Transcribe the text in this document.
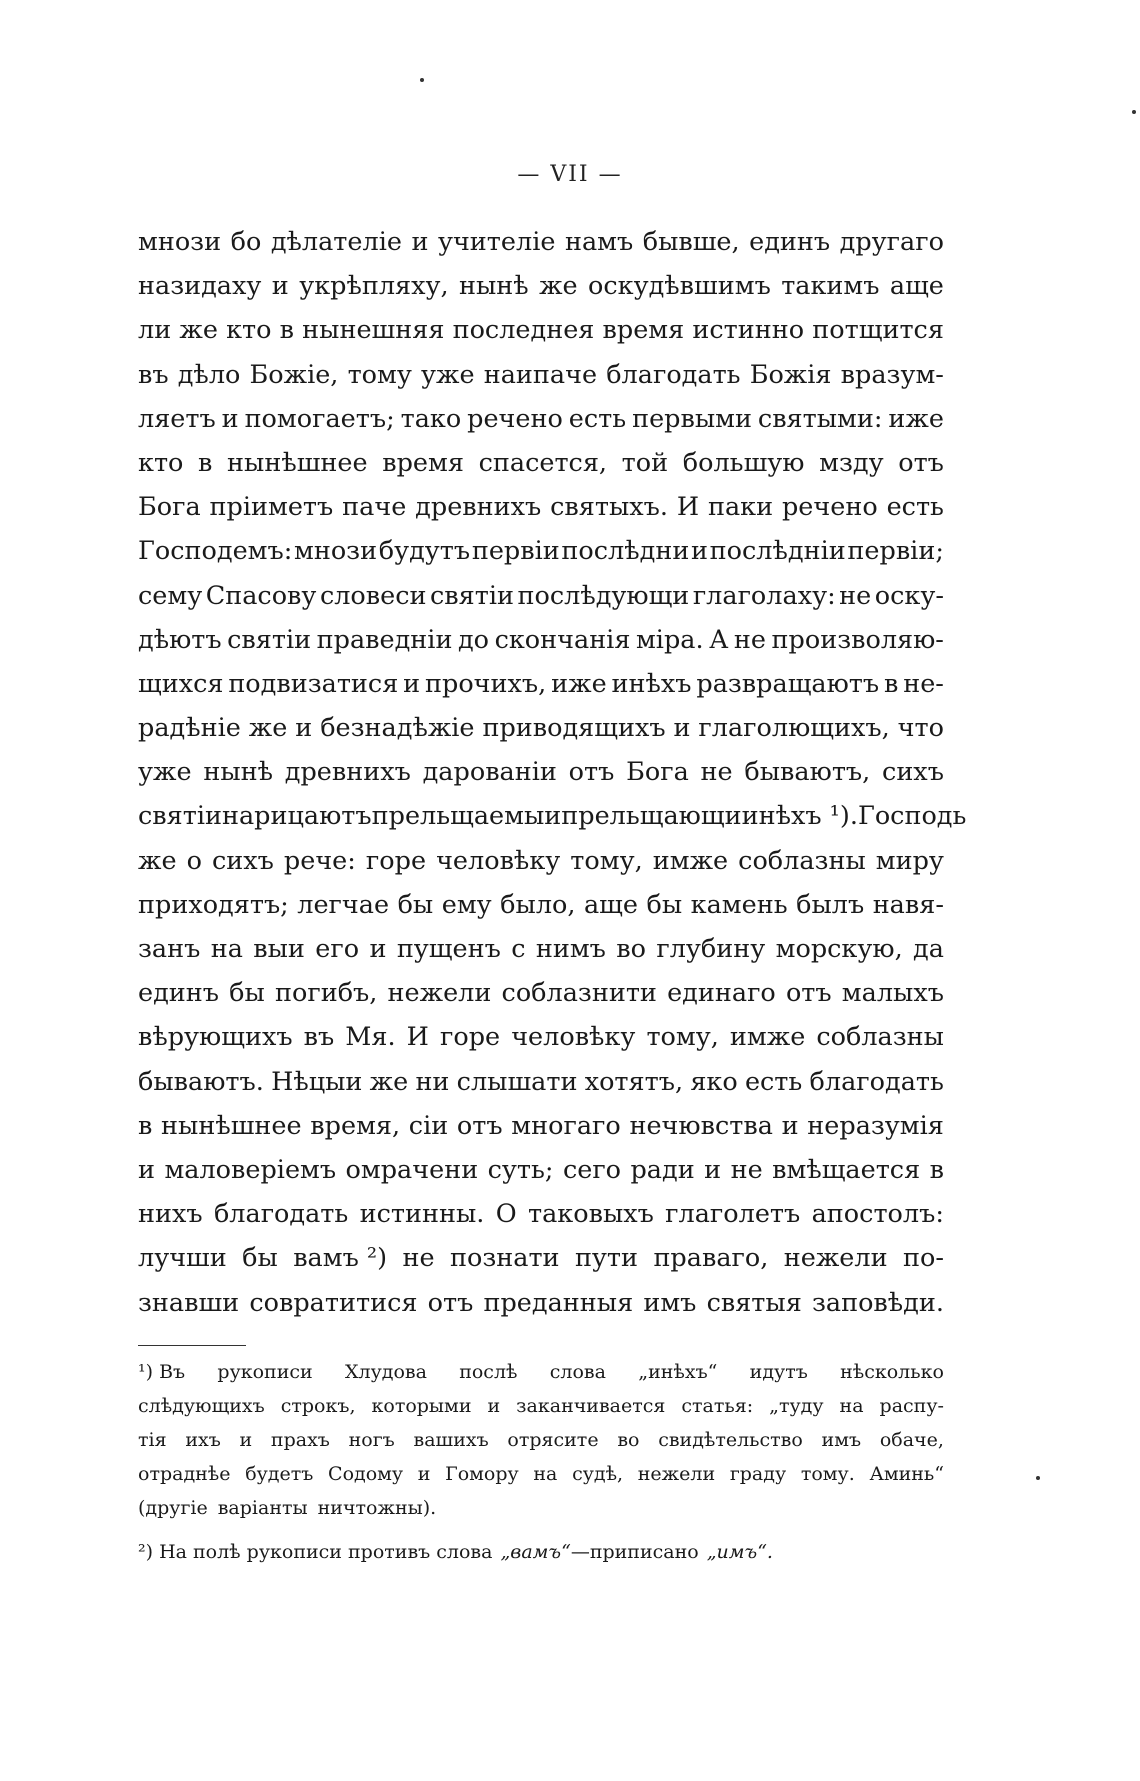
— VII —
мнози бо дѣлателіе и учителіе намъ бывше, единъ другаго
назидаху и укрѣпляху, нынѣ же оскудѣвшимъ такимъ аще
ли же кто в нынешняя последнея время истинно потщится
въ дѣло Божіе, тому уже наипаче благодать Божія вразум-
ляетъ и помогаетъ; тако речено есть первыми святыми: иже
кто в нынѣшнее время спасется, той большую мзду отъ
Бога пріиметъ паче древнихъ святыхъ. И паки речено есть
Господемъ: мнози будутъ первіи послѣдни и послѣдніи первіи;
сему Спасову словеси святіи послѣдующи глаголаху: не оску-
дѣютъ святіи праведніи до скончанія міра. А не произволяю-
щихся подвизатися и прочихъ, иже инѣхъ развращаютъ в не-
радѣніе же и безнадѣжіе приводящихъ и глаголющихъ, что
уже нынѣ древнихъ дарованіи отъ Бога не бываютъ, сихъ
святіи нарицаютъ прельщаемы и прельщающи инѣхъ ¹). Господь
же о сихъ рече: горе человѣку тому, имже соблазны миру
приходятъ; легчае бы ему было, аще бы камень былъ навя-
занъ на выи его и пущенъ с нимъ во глубину морскую, да
единъ бы погибъ, нежели соблазнити единаго отъ малыхъ
вѣрующихъ въ Мя. И горе человѣку тому, имже соблазны
бываютъ. Нѣцыи же ни слышати хотятъ, яко есть благодать
в нынѣшнее время, сіи отъ многаго нечювства и неразумія
и маловеріемъ омрачени суть; сего ради и не вмѣщается в
нихъ благодать истинны. О таковыхъ глаголетъ апостолъ:
лучши бы вамъ ²) не познати пути праваго, нежели по-
знавши совратитися отъ преданныя имъ святыя заповѣди.
¹) Въ рукописи Хлудова послѣ слова „инѣхъ“ идутъ нѣсколько
слѣдующихъ строкъ, которыми и заканчивается статья: „туду на распу-
тія ихъ и прахъ ногъ вашихъ отрясите во свидѣтельство имъ обаче,
отраднѣе будетъ Содому и Гомору на судѣ, нежели граду тому. Аминь“
(другіе варіанты ничтожны).
²) На полѣ рукописи противъ слова „вамъ“ —приписано „имъ“.
